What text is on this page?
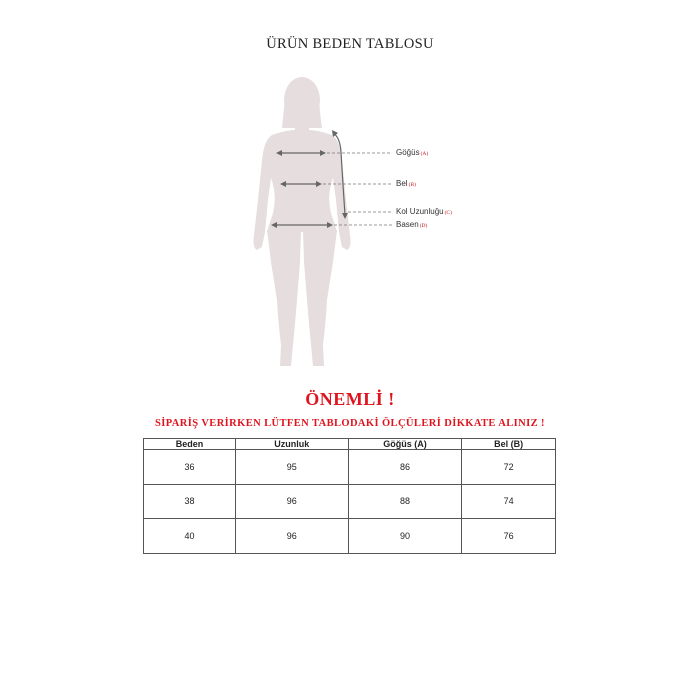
ÜRÜN BEDEN TABLOSU
Göğüs(A)
Bel(B)
Kol Uzunluğu(C)
Basen(D)
ÖNEMLİ !
SİPARİŞ VERİRKEN LÜTFEN TABLODAKİ ÖLÇÜLERİ DİKKATE ALINIZ !
Beden	Uzunluk	Göğüs (A)	Bel (B)
36	95	86	72
38	96	88	74
40	96	90	76
